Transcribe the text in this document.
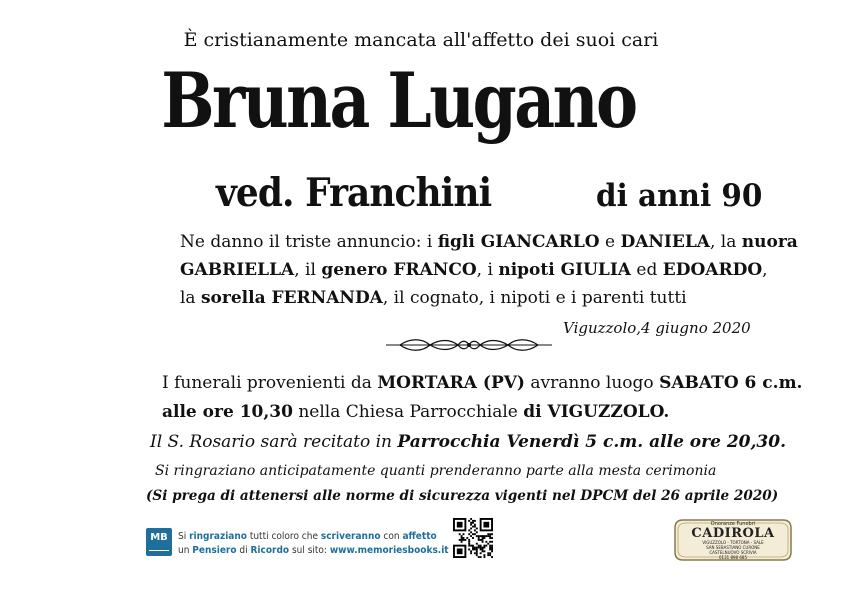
È cristianamente mancata all'affetto dei suoi cari
Bruna Lugano
ved. Franchini	di anni 90
Ne danno il triste annuncio: i figli GIANCARLO e DANIELA, la nuora
GABRIELLA, il genero FRANCO, i nipoti GIULIA ed EDOARDO,
la sorella FERNANDA, il cognato, i nipoti e i parenti tutti
Viguzzolo,4 giugno 2020
I funerali provenienti da MORTARA (PV) avranno luogo SABATO 6 c.m.
alle ore 10,30 nella Chiesa Parrocchiale di VIGUZZOLO.
Il S. Rosario sarà recitato in Parrocchia Venerdì 5 c.m. alle ore 20,30.
Si ringraziano anticipatamente quanti prenderanno parte alla mesta cerimonia
(Si prega di attenersi alle norme di sicurezza vigenti nel DPCM del 26 aprile 2020)
MB	Si ringraziano tutti coloro che scriveranno con affetto
un Pensiero di Ricordo sul sito: www.memoriesbooks.it
Onoranze Funebri
CADIROLA
VIGUZZOLO - TORTONA - SALE
SAN SEBASTIANO CURONE
CASTELNUOVO SCRIVIA
0131 898 685
